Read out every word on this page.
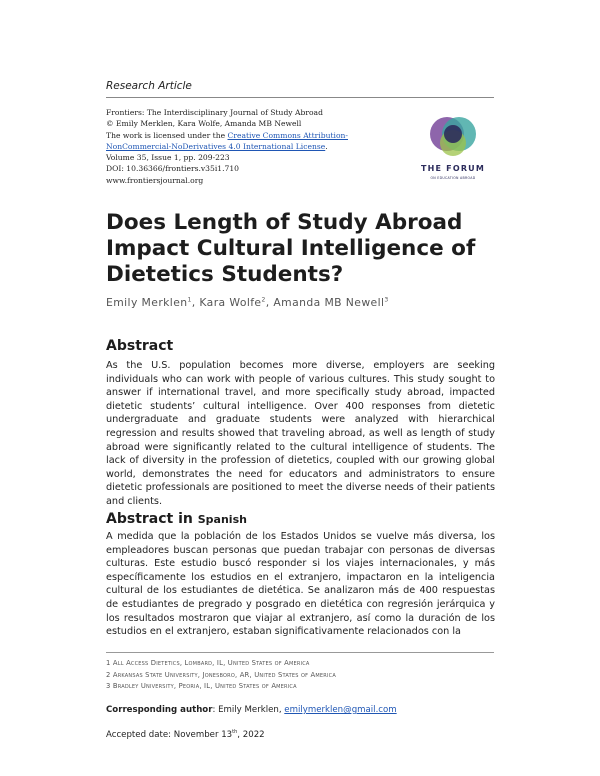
Research Article
Frontiers: The Interdisciplinary Journal of Study Abroad
© Emily Merklen, Kara Wolfe, Amanda MB Newell
The work is licensed under the Creative Commons Attribution-
NonCommercial-NoDerivatives 4.0 International License.
Volume 35, Issue 1, pp. 209-223
DOI: 10.36366/frontiers.v35i1.710
www.frontiersjournal.org
THE FORUM
ON EDUCATION ABROAD
Does Length of Study Abroad
Impact Cultural Intelligence of
Dietetics Students?
Emily Merklen$^1$, Kara Wolfe$^2$, Amanda MB Newell$^3$
Abstract
As the U.S. population becomes more diverse, employers are seeking individuals who can work with people of various cultures. This study sought to answer if international travel, and more specifically study abroad, impacted dietetic students’ cultural intelligence. Over 400 responses from dietetic undergraduate and graduate students were analyzed with hierarchical regression and results showed that traveling abroad, as well as length of study abroad were significantly related to the cultural intelligence of students. The lack of diversity in the profession of dietetics, coupled with our growing global world, demonstrates the need for educators and administrators to ensure dietetic professionals are positioned to meet the diverse needs of their patients and clients.
Abstract in Spanish
A medida que la población de los Estados Unidos se vuelve más diversa, los empleadores buscan personas que puedan trabajar con personas de diversas culturas. Este estudio buscó responder si los viajes internacionales, y más específicamente los estudios en el extranjero, impactaron en la inteligencia cultural de los estudiantes de dietética. Se analizaron más de 400 respuestas de estudiantes de pregrado y posgrado en dietética con regresión jerárquica y los resultados mostraron que viajar al extranjero, así como la duración de los estudios en el extranjero, estaban significativamente relacionados con la
1 All Access Dietetics, Lombard, IL, United States of America
2 Arkansas State University, Jonesboro, AR, United States of America
3 Bradley University, Peoria, IL, United States of America
Corresponding author: Emily Merklen, emilymerklen@gmail.com
Accepted date: November 13th, 2022
